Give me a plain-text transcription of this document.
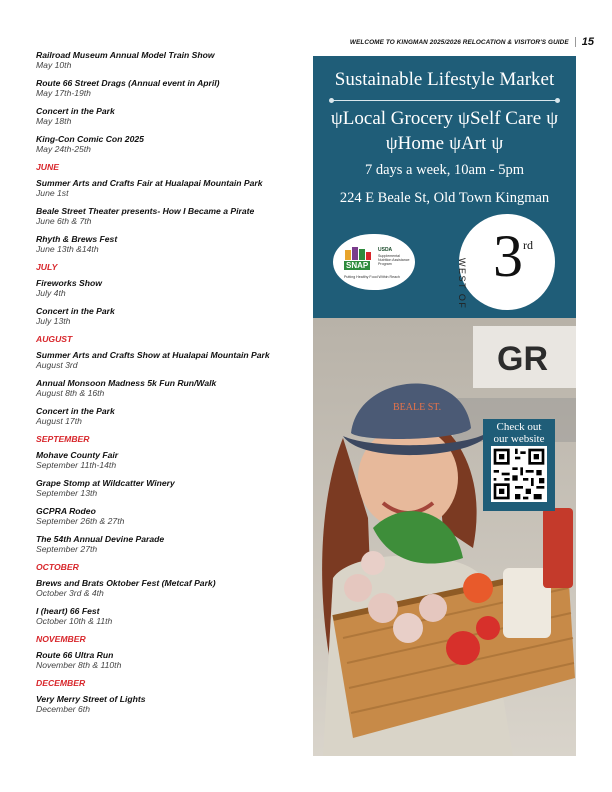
WELCOME TO KINGMAN 2025/2026 RELOCATION & VISITOR'S GUIDE 15
Railroad Museum Annual Model Train Show
May 10th
Route 66 Street Drags (Annual event in April)
May 17th-19th
Concert in the Park
May 18th
King-Con Comic Con 2025
May 24th-25th
JUNE
Summer Arts and Crafts Fair at Hualapai Mountain Park
June 1st
Beale Street Theater presents- How I Became a Pirate
June 6th & 7th
Rhyth & Brews Fest
June 13th &14th
JULY
Fireworks Show
July 4th
Concert in the Park
July 13th
AUGUST
Summer Arts and Crafts Show at Hualapai Mountain Park
August 3rd
Annual Monsoon Madness 5k Fun Run/Walk
August 8th & 16th
Concert in the Park
August 17th
SEPTEMBER
Mohave County Fair
September 11th-14th
Grape Stomp at Wildcatter Winery
September 13th
GCPRA Rodeo
September 26th & 27th
The 54th Annual Devine Parade
September 27th
OCTOBER
Brews and Brats Oktober Fest (Metcaf Park)
October 3rd & 4th
I (heart) 66 Fest
October 10th & 11th
NOVEMBER
Route 66 Ultra Run
November 8th & 110th
DECEMBER
Very Merry Street of Lights
December 6th
Sustainable Lifestyle Market
ψLocal Grocery ψSelf Care ψ
ψHome ψArt ψ
7 days a week, 10am - 5pm
224 E Beale St, Old Town Kingman
SNAP
USDA
Supplemental Nutrition Assistance Program
Putting Healthy Food Within Reach	WEST OF 3 rd
GR
BEALE ST.
Check out
our website
